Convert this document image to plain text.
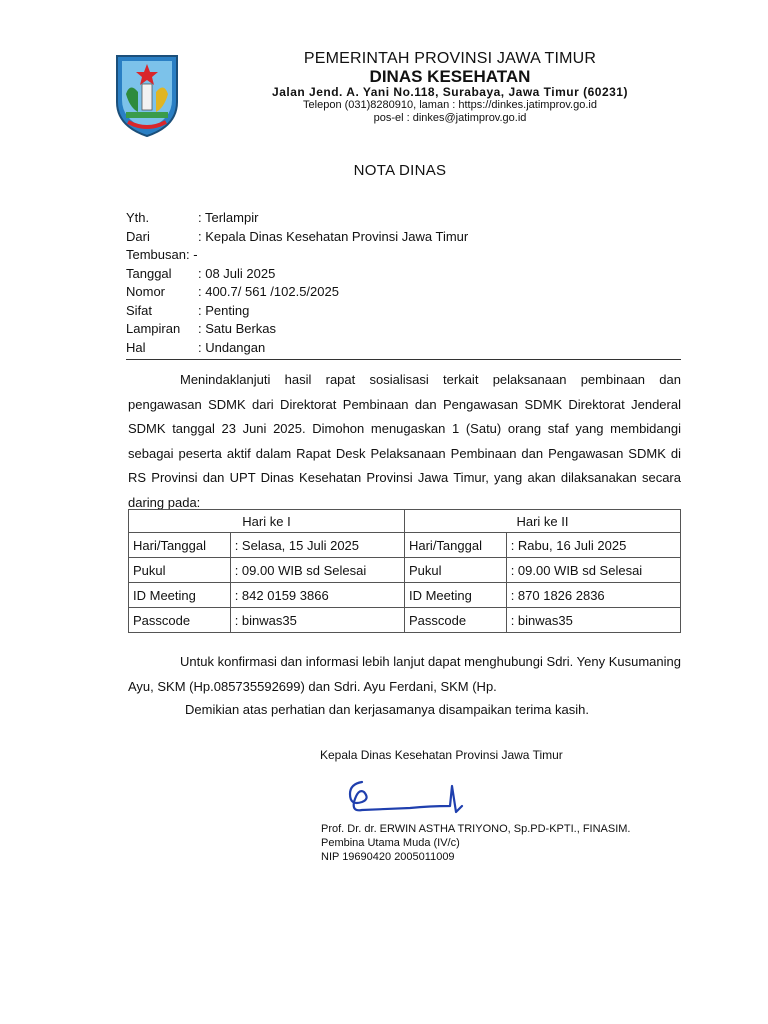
PEMERINTAH PROVINSI JAWA TIMUR
DINAS KESEHATAN
Jalan Jend. A. Yani No.118, Surabaya, Jawa Timur (60231)
Telepon (031)8280910, laman : https://dinkes.jatimprov.go.id
pos-el : dinkes@jatimprov.go.id
NOTA DINAS
Yth.	: Terlampir
Dari	: Kepala Dinas Kesehatan Provinsi Jawa Timur
Tembusan : -
Tanggal	: 08 Juli 2025
Nomor	: 400.7/ 561 /102.5/2025
Sifat	: Penting
Lampiran	: Satu Berkas
Hal	: Undangan
Menindaklanjuti hasil rapat sosialisasi terkait pelaksanaan pembinaan dan pengawasan SDMK dari Direktorat Pembinaan dan Pengawasan SDMK Direktorat Jenderal SDMK tanggal 23 Juni 2025. Dimohon menugaskan 1 (Satu) orang staf yang membidangi sebagai peserta aktif dalam Rapat Desk Pelaksanaan Pembinaan dan Pengawasan SDMK di RS Provinsi dan UPT Dinas Kesehatan Provinsi Jawa Timur, yang akan dilaksanakan secara daring pada:
Hari ke I		Hari ke II	
Hari/Tanggal	: Selasa, 15 Juli 2025	Hari/Tanggal	: Rabu, 16 Juli 2025
Pukul	: 09.00 WIB sd Selesai	Pukul	: 09.00 WIB sd Selesai
ID Meeting	: 842 0159 3866	ID Meeting	: 870 1826 2836
Passcode	: binwas35	Passcode	: binwas35
Untuk konfirmasi dan informasi lebih lanjut dapat menghubungi Sdri. Yeny Kusumaning Ayu, SKM (Hp.085735592699) dan Sdri. Ayu Ferdani, SKM (Hp.
Demikian atas perhatian dan kerjasamanya disampaikan terima kasih.
Kepala Dinas Kesehatan Provinsi Jawa Timur
Prof. Dr. dr. ERWIN ASTHA TRIYONO, Sp.PD-KPTI., FINASIM.
Pembina Utama Muda (IV/c)
NIP 19690420 2005011009
